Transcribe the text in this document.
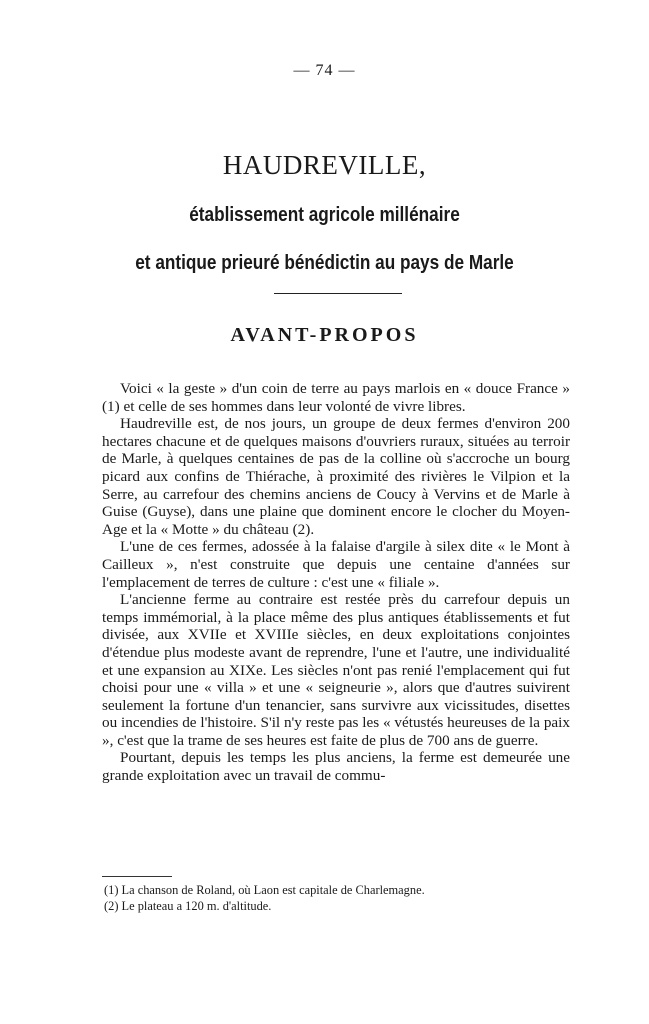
— 74 —
HAUDREVILLE,
établissement agricole millénaire
et antique prieuré bénédictin au pays de Marle
AVANT-PROPOS

Voici « la geste » d'un coin de terre au pays marlois en « douce France » (1) et celle de ses hommes dans leur volonté de vivre libres.

Haudreville est, de nos jours, un groupe de deux fermes d'environ 200 hectares chacune et de quelques maisons d'ouvriers ruraux, situées au terroir de Marle, à quelques centaines de pas de la colline où s'accroche un bourg picard aux confins de Thiérache, à proximité des rivières le Vilpion et la Serre, au carrefour des chemins anciens de Coucy à Vervins et de Marle à Guise (Guyse), dans une plaine que dominent encore le clocher du Moyen-Age et la « Motte » du château (2).

L'une de ces fermes, adossée à la falaise d'argile à silex dite « le Mont à Cailleux », n'est construite que depuis une centaine d'années sur l'emplacement de terres de culture : c'est une « filiale ».

L'ancienne ferme au contraire est restée près du carrefour depuis un temps immémorial, à la place même des plus antiques établissements et fut divisée, aux XVIIe et XVIIIe siècles, en deux exploitations conjointes d'étendue plus modeste avant de reprendre, l'une et l'autre, une individualité et une expansion au XIXe. Les siècles n'ont pas renié l'emplacement qui fut choisi pour une « villa » et une « seigneurie », alors que d'autres suivirent seulement la fortune d'un tenancier, sans survivre aux vicissitudes, disettes ou incendies de l'histoire. S'il n'y reste pas les « vétustés heureuses de la paix », c'est que la trame de ses heures est faite de plus de 700 ans de guerre.

Pourtant, depuis les temps les plus anciens, la ferme est demeurée une grande exploitation avec un travail de commu-

(1) La chanson de Roland, où Laon est capitale de Charlemagne.
(2) Le plateau a 120 m. d'altitude.
